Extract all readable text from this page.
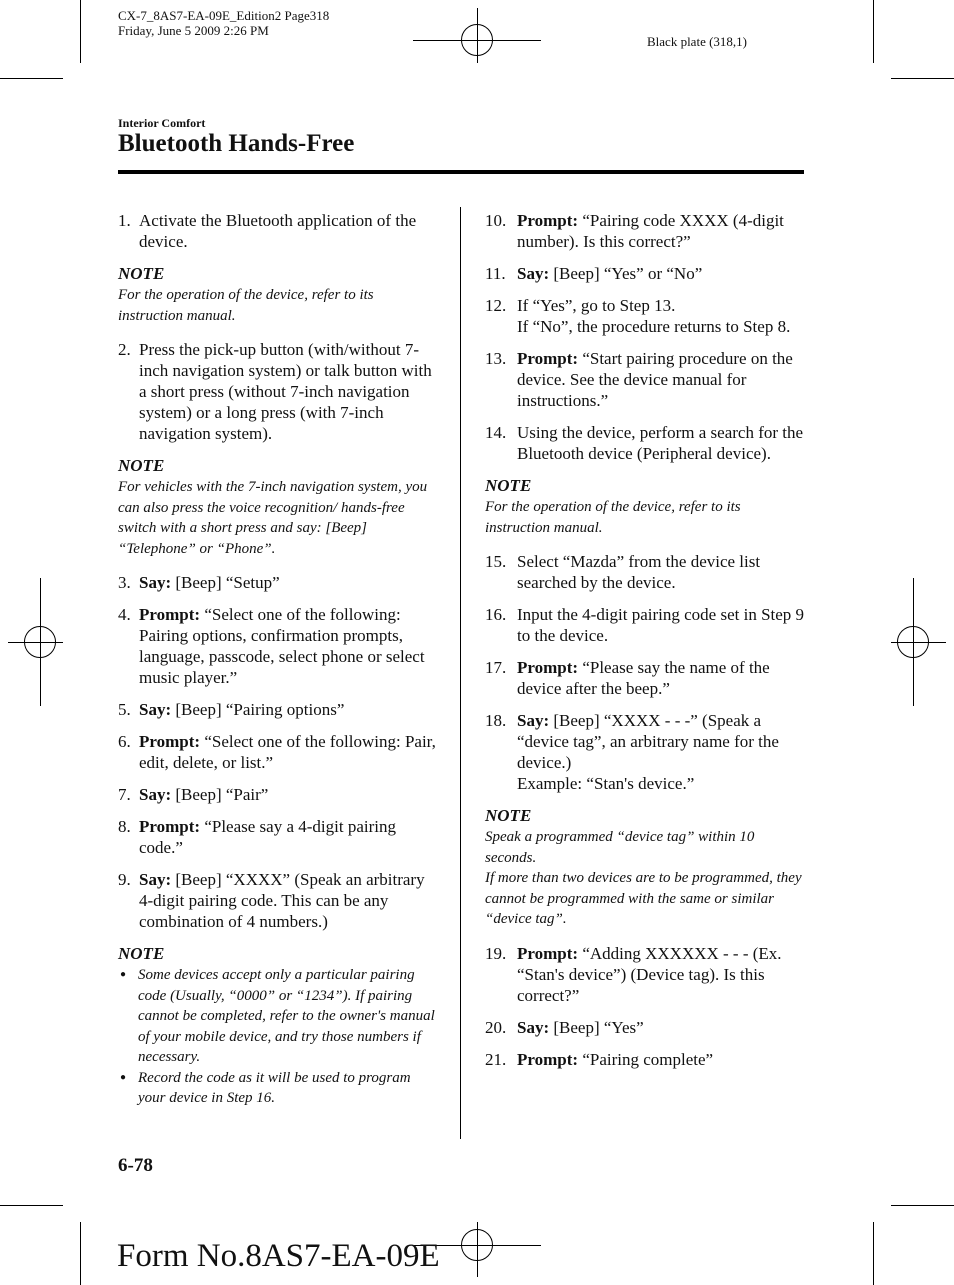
CX-7_8AS7-EA-09E_Edition2 Page318
Friday, June 5 2009 2:26 PM
Black plate (318,1)
Interior Comfort
Bluetooth Hands-Free
1. Activate the Bluetooth application of the device.
NOTE
For the operation of the device, refer to its instruction manual.
2. Press the pick-up button (with/without 7-inch navigation system) or talk button with a short press (without 7-inch navigation system) or a long press (with 7-inch navigation system).
NOTE
For vehicles with the 7-inch navigation system, you can also press the voice recognition/ hands-free switch with a short press and say: [Beep] “Telephone” or “Phone”.
3. Say: [Beep] “Setup”
4. Prompt: “Select one of the following: Pairing options, confirmation prompts, language, passcode, select phone or select music player.”
5. Say: [Beep] “Pairing options”
6. Prompt: “Select one of the following: Pair, edit, delete, or list.”
7. Say: [Beep] “Pair”
8. Prompt: “Please say a 4-digit pairing code.”
9. Say: [Beep] “XXXX” (Speak an arbitrary 4-digit pairing code. This can be any combination of 4 numbers.)
NOTE
● Some devices accept only a particular pairing code (Usually, “0000” or “1234”). If pairing cannot be completed, refer to the owner's manual of your mobile device, and try those numbers if necessary.
● Record the code as it will be used to program your device in Step 16.
10. Prompt: “Pairing code XXXX (4-digit number). Is this correct?”
11. Say: [Beep] “Yes” or “No”
12. If “Yes”, go to Step 13.
If “No”, the procedure returns to Step 8.
13. Prompt: “Start pairing procedure on the device. See the device manual for instructions.”
14. Using the device, perform a search for the Bluetooth device (Peripheral device).
NOTE
For the operation of the device, refer to its instruction manual.
15. Select “Mazda” from the device list searched by the device.
16. Input the 4-digit pairing code set in Step 9 to the device.
17. Prompt: “Please say the name of the device after the beep.”
18. Say: [Beep] “XXXX - - -” (Speak a “device tag”, an arbitrary name for the device.)
Example: “Stan's device.”
NOTE
Speak a programmed “device tag” within 10 seconds.
If more than two devices are to be programmed, they cannot be programmed with the same or similar “device tag”.
19. Prompt: “Adding XXXXXX - - - (Ex. “Stan's device”) (Device tag). Is this correct?”
20. Say: [Beep] “Yes”
21. Prompt: “Pairing complete”
6-78
Form No.8AS7-EA-09E
